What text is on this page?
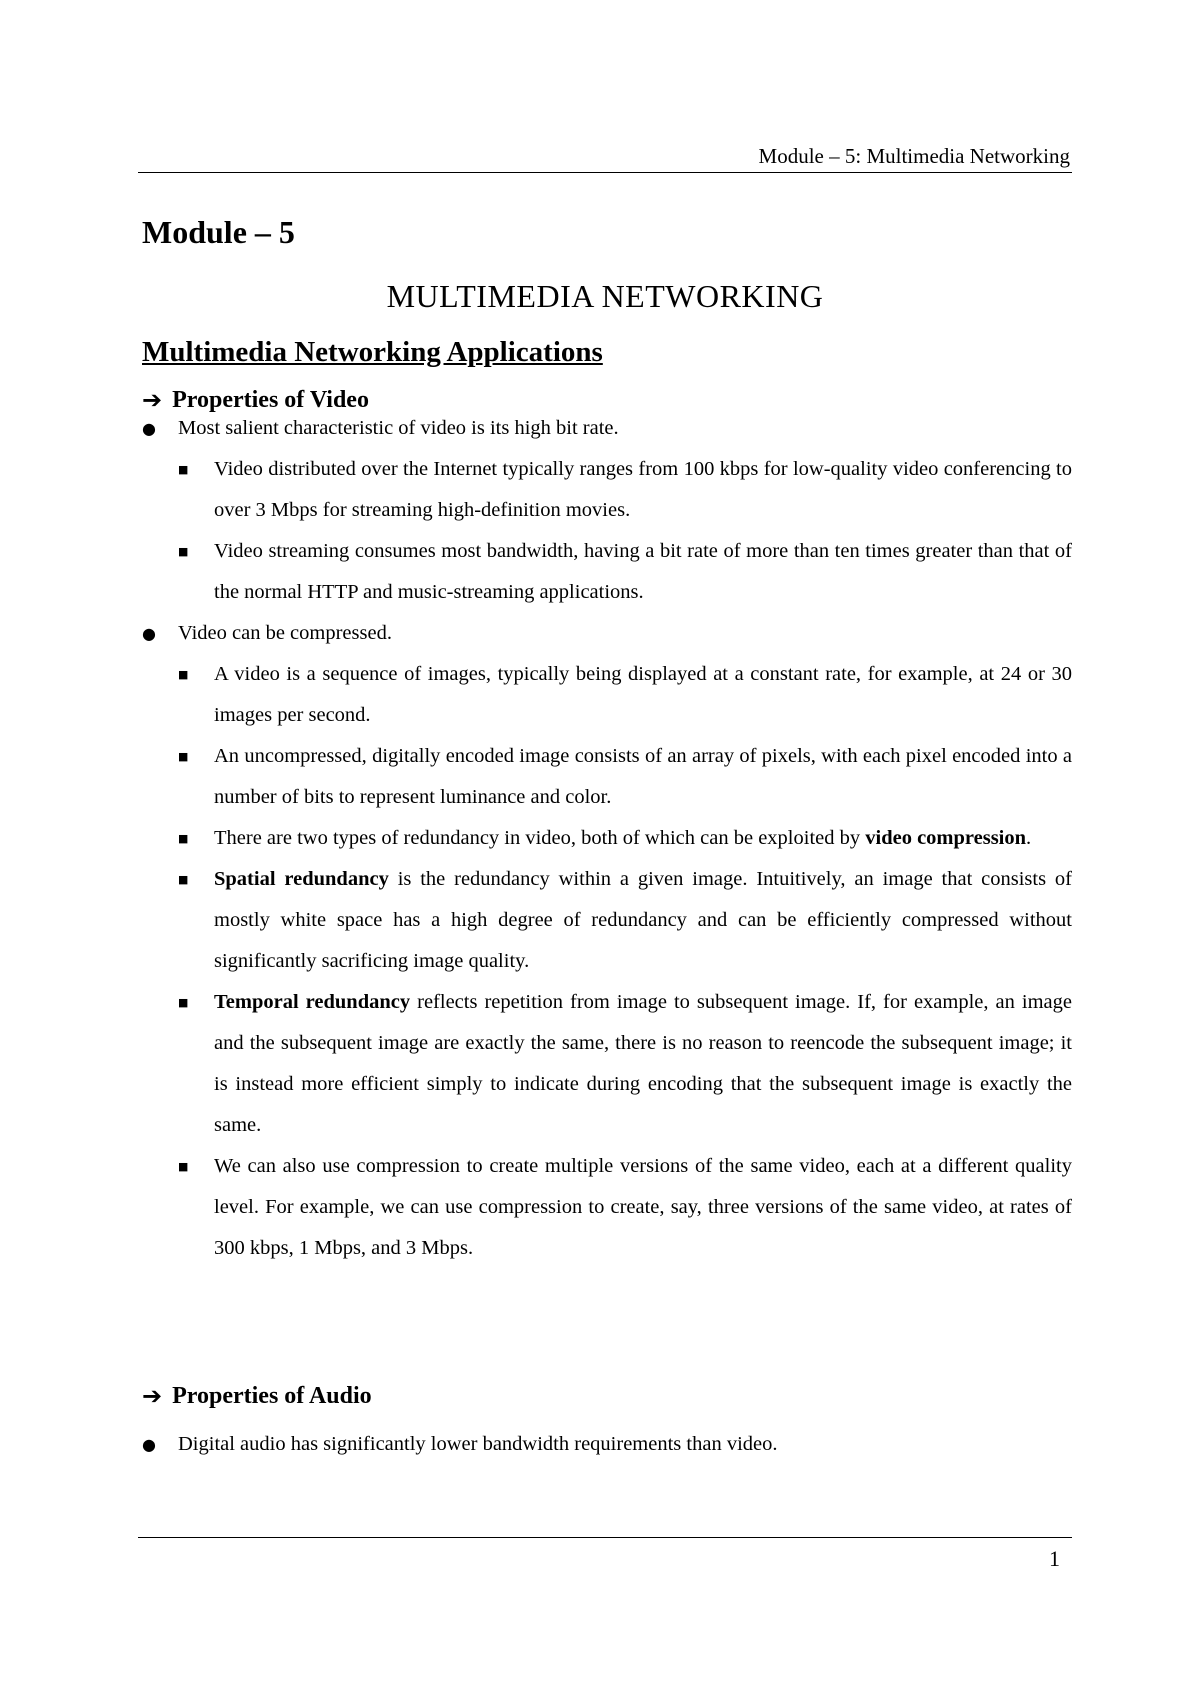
Module – 5: Multimedia Networking
Module – 5
MULTIMEDIA NETWORKING
Multimedia Networking Applications
➔ Properties of Video

● Most salient characteristic of video is its high bit rate.

■ Video distributed over the Internet typically ranges from 100 kbps for low-quality video conferencing to over 3 Mbps for streaming high-definition movies.

■ Video streaming consumes most bandwidth, having a bit rate of more than ten times greater than that of the normal HTTP and music-streaming applications.

● Video can be compressed.

■ A video is a sequence of images, typically being displayed at a constant rate, for example, at 24 or 30 images per second.

■ An uncompressed, digitally encoded image consists of an array of pixels, with each pixel encoded into a number of bits to represent luminance and color.

■ There are two types of redundancy in video, both of which can be exploited by video compression.

■ Spatial redundancy is the redundancy within a given image. Intuitively, an image that consists of mostly white space has a high degree of redundancy and can be efficiently compressed without significantly sacrificing image quality.

■ Temporal redundancy reflects repetition from image to subsequent image. If, for example, an image and the subsequent image are exactly the same, there is no reason to reencode the subsequent image; it is instead more efficient simply to indicate during encoding that the subsequent image is exactly the same.

■ We can also use compression to create multiple versions of the same video, each at a different quality level. For example, we can use compression to create, say, three versions of the same video, at rates of 300 kbps, 1 Mbps, and 3 Mbps.

➔ Properties of Audio

● Digital audio has significantly lower bandwidth requirements than video.

1
